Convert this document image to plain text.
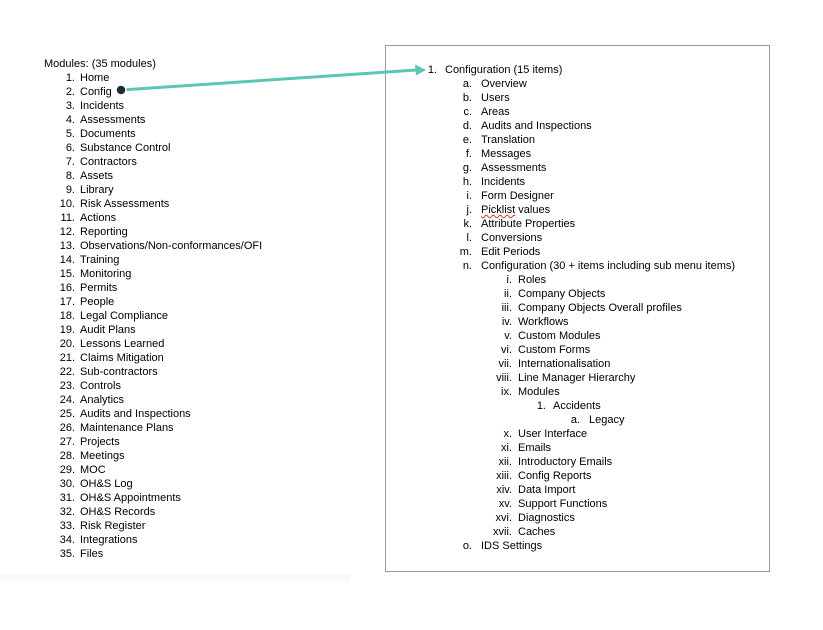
Modules: (35 modules)
1. Home
2. Config
3. Incidents
4. Assessments
5. Documents
6. Substance Control
7. Contractors
8. Assets
9. Library
10. Risk Assessments
11. Actions
12. Reporting
13. Observations/Non-conformances/OFI
14. Training
15. Monitoring
16. Permits
17. People
18. Legal Compliance
19. Audit Plans
20. Lessons Learned
21. Claims Mitigation
22. Sub-contractors
23. Controls
24. Analytics
25. Audits and Inspections
26. Maintenance Plans
27. Projects
28. Meetings
29. MOC
30. OH&S Log
31. OH&S Appointments
32. OH&S Records
33. Risk Register
34. Integrations
35. Files
1. Configuration (15 items)
a. Overview
b. Users
c. Areas
d. Audits and Inspections
e. Translation
f. Messages
g. Assessments
h. Incidents
i. Form Designer
j. Picklist values
k. Attribute Properties
l. Conversions
m. Edit Periods
n. Configuration (30 + items including sub menu items)
i. Roles
ii. Company Objects
iii. Company Objects Overall profiles
iv. Workflows
v. Custom Modules
vi. Custom Forms
vii. Internationalisation
viii. Line Manager Hierarchy
ix. Modules
1. Accidents
a. Legacy
x. User Interface
xi. Emails
xii. Introductory Emails
xiii. Config Reports
xiv. Data Import
xv. Support Functions
xvi. Diagnostics
xvii. Caches
o. IDS Settings
